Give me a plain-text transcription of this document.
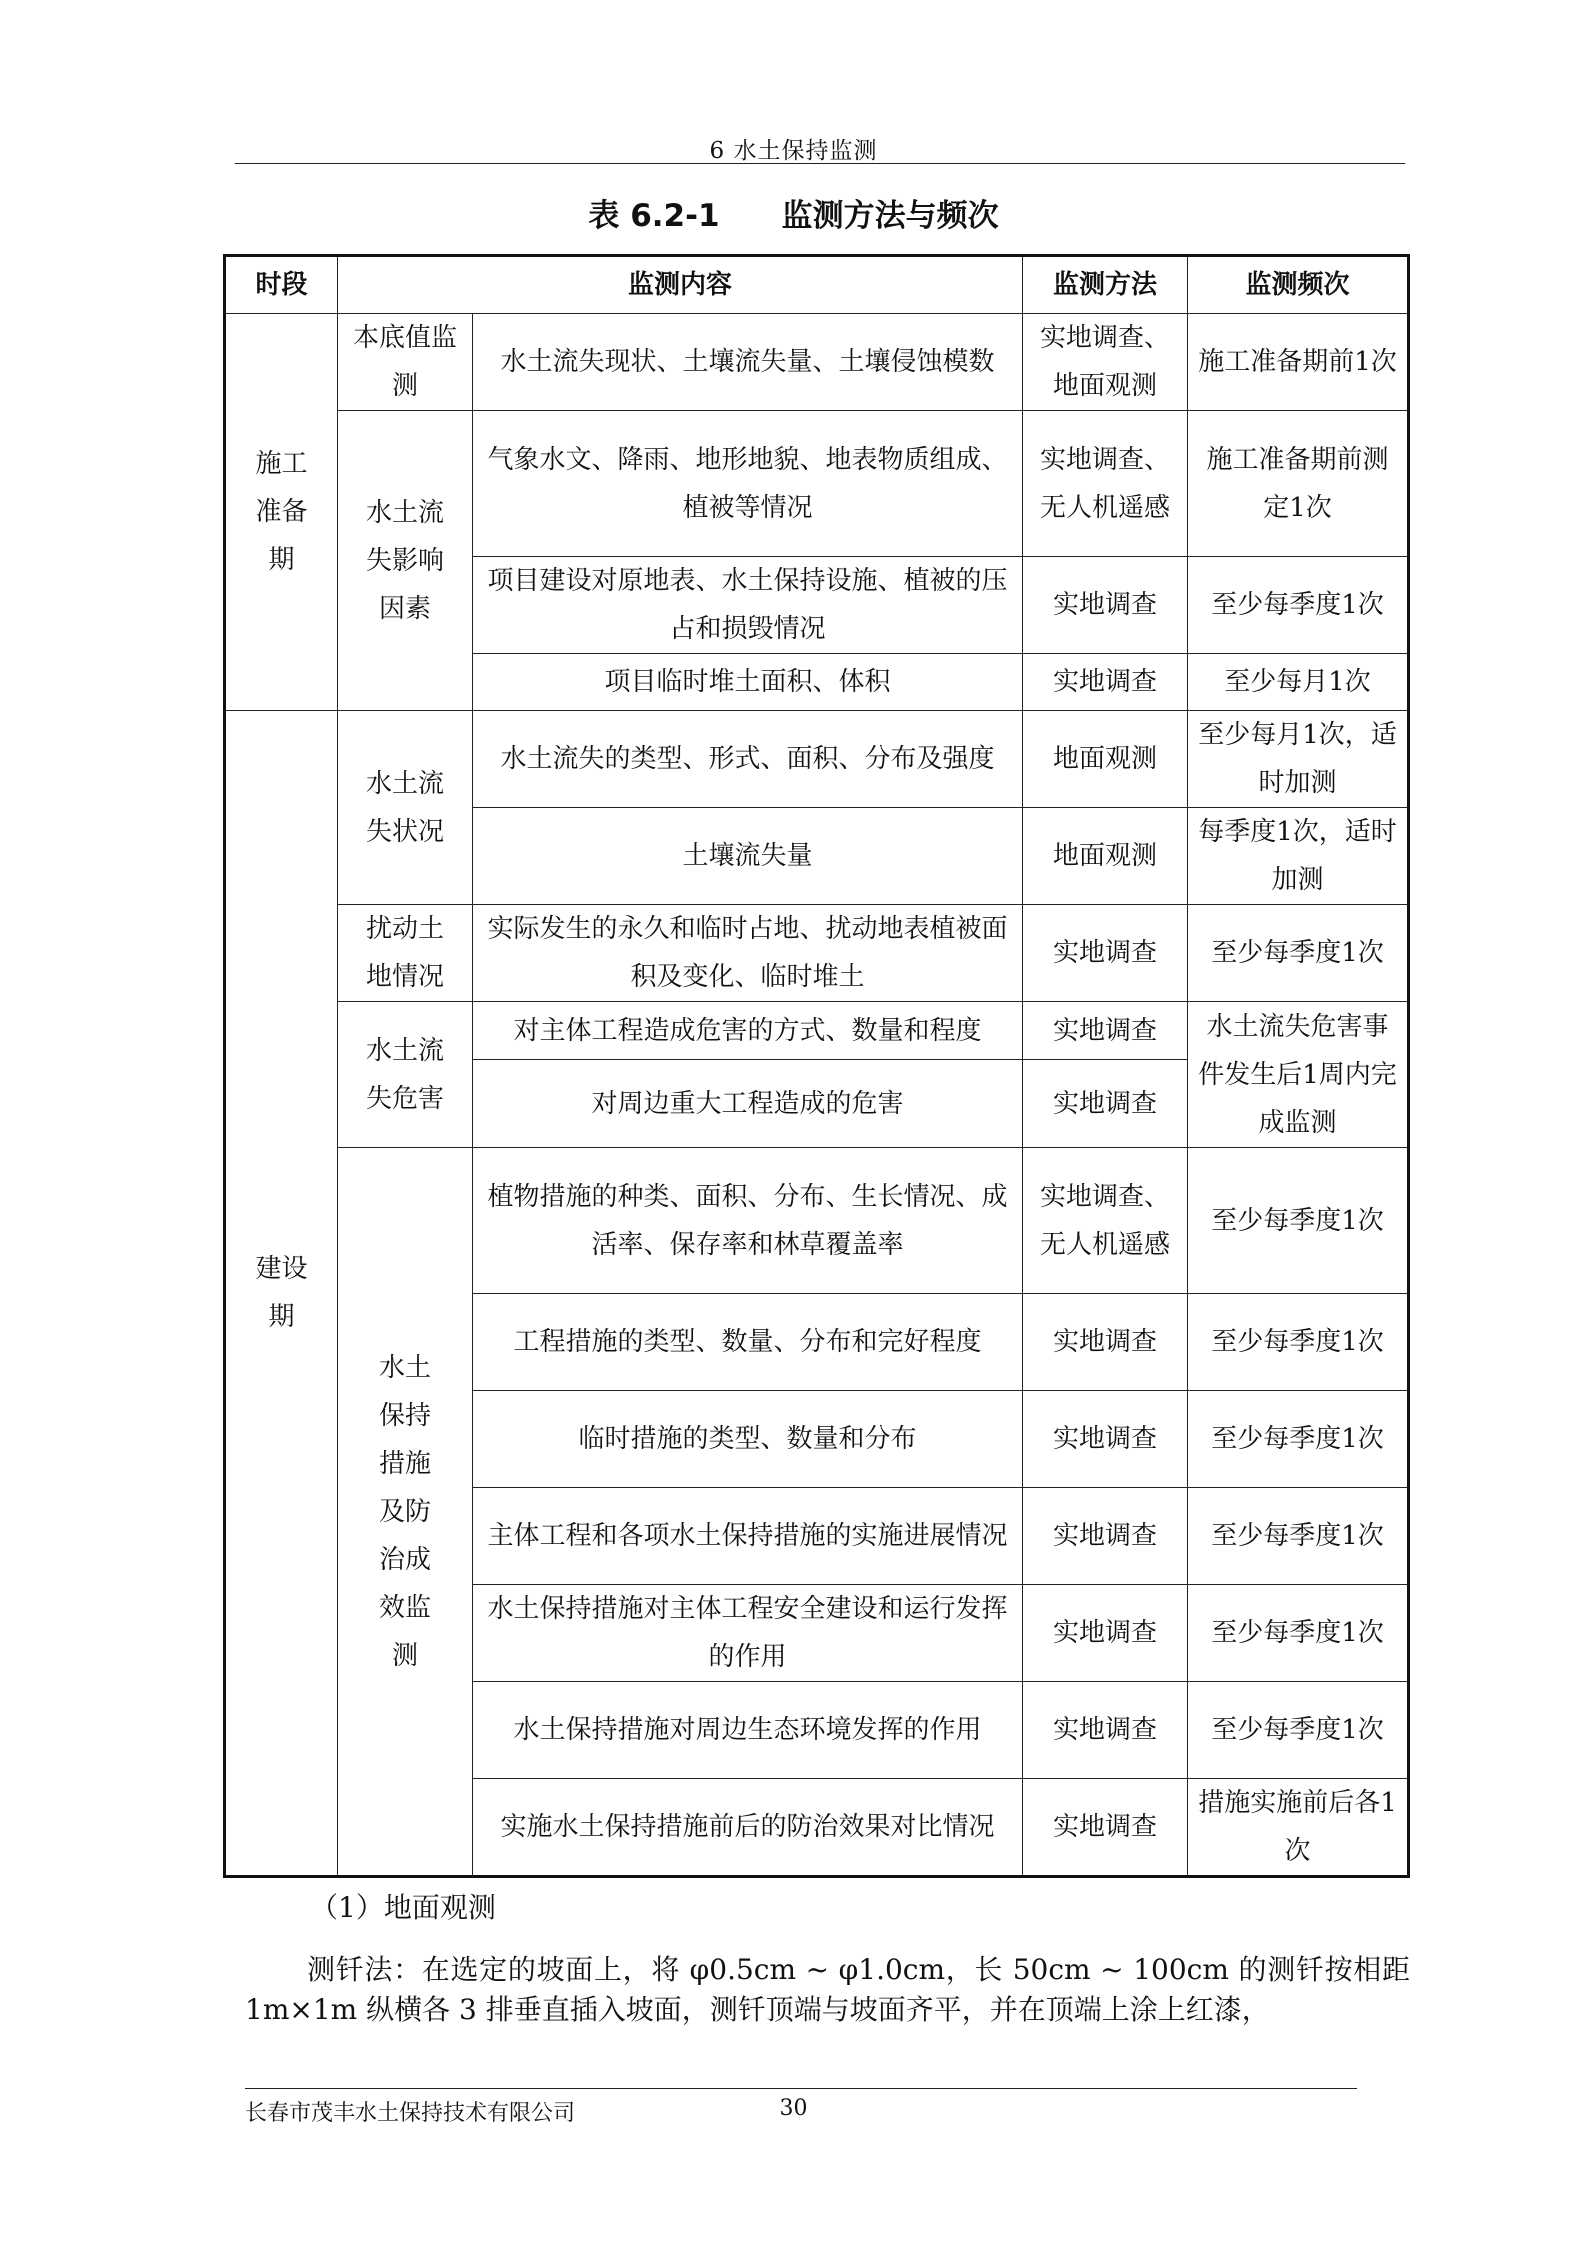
6 水土保持监测
表 6.2-1 监测方法与频次
时段	监测内容		监测方法	监测频次
施工准备期	本底值监测	水土流失现状、土壤流失量、土壤侵蚀模数	实地调查、地面观测	施工准备期前1次
	水土流失影响因素	气象水文、降雨、地形地貌、地表物质组成、植被等情况	实地调查、无人机遥感	施工准备期前测定1次
		项目建设对原地表、水土保持设施、植被的压占和损毁情况	实地调查	至少每季度1次
		项目临时堆土面积、体积	实地调查	至少每月1次
建设期	水土流失状况	水土流失的类型、形式、面积、分布及强度	地面观测	至少每月1次，适时加测
		土壤流失量	地面观测	每季度1次，适时加测
	扰动土地情况	实际发生的永久和临时占地、扰动地表植被面积及变化、临时堆土	实地调查	至少每季度1次
	水土流失危害	对主体工程造成危害的方式、数量和程度	实地调查	水土流失危害事件发生后1周内完成监测
		对周边重大工程造成的危害	实地调查	
	水土保持措施及防治成效监测	植物措施的种类、面积、分布、生长情况、成活率、保存率和林草覆盖率	实地调查、无人机遥感	至少每季度1次
		工程措施的类型、数量、分布和完好程度	实地调查	至少每季度1次
		临时措施的类型、数量和分布	实地调查	至少每季度1次
		主体工程和各项水土保持措施的实施进展情况	实地调查	至少每季度1次
		水土保持措施对主体工程安全建设和运行发挥的作用	实地调查	至少每季度1次
		水土保持措施对周边生态环境发挥的作用	实地调查	至少每季度1次
		实施水土保持措施前后的防治效果对比情况	实地调查	措施实施前后各1次
（1）地面观测
测钎法：在选定的坡面上，将 φ0.5cm ~ φ1.0cm，长 50cm ~ 100cm 的测钎按相距 1m×1m 纵横各 3 排垂直插入坡面，测钎顶端与坡面齐平，并在顶端上涂上红漆，
长春市茂丰水土保持技术有限公司	30
